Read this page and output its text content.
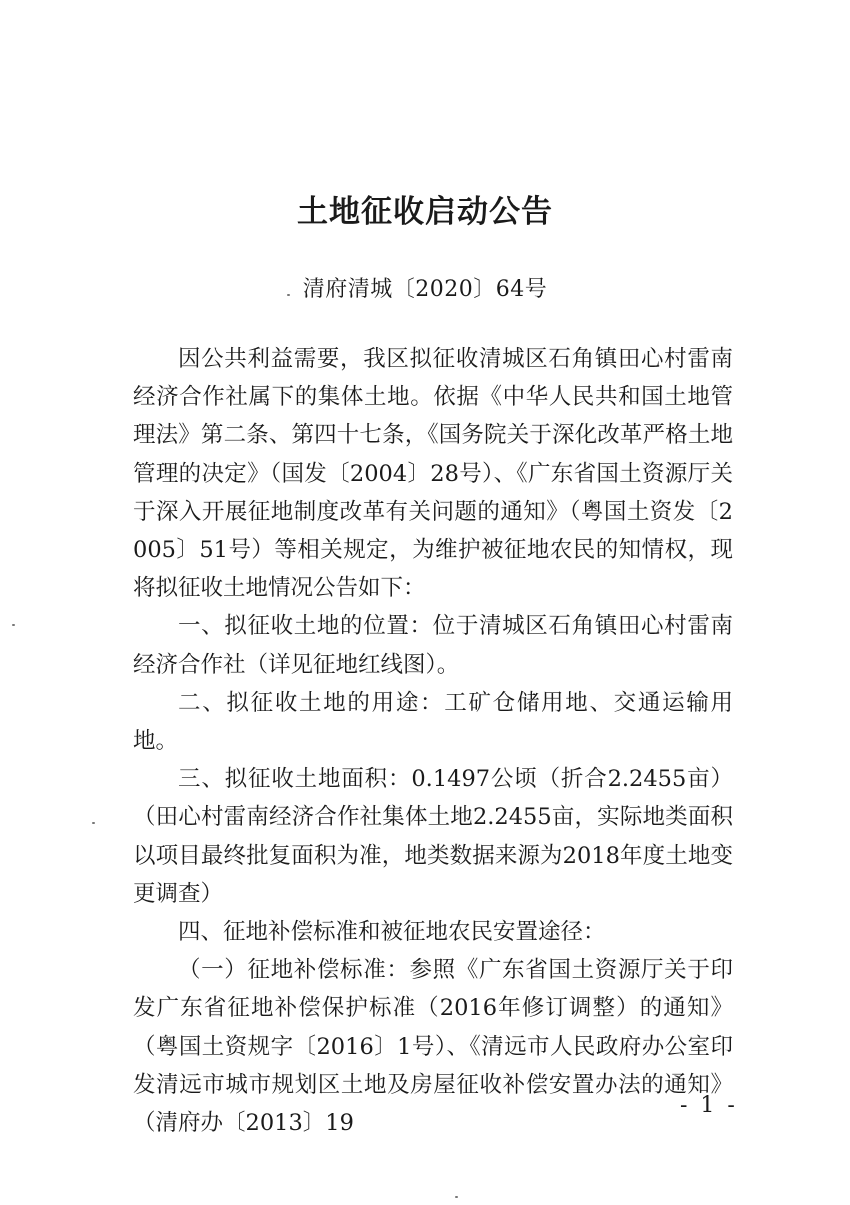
土地征收启动公告
清府清城〔2020〕64号

因公共利益需要，我区拟征收清城区石角镇田心村雷南经济合作社属下的集体土地。依据《中华人民共和国土地管理法》第二条、第四十七条，《国务院关于深化改革严格土地管理的决定》（国发〔2004〕28号）、《广东省国土资源厅关于深入开展征地制度改革有关问题的通知》（粤国土资发〔2005〕51号）等相关规定，为维护被征地农民的知情权，现将拟征收土地情况公告如下：

一、拟征收土地的位置：位于清城区石角镇田心村雷南经济合作社（详见征地红线图）。

二、拟征收土地的用途：工矿仓储用地、交通运输用地。

三、拟征收土地面积：0.1497公顷（折合2.2455亩）（田心村雷南经济合作社集体土地2.2455亩，实际地类面积以项目最终批复面积为准，地类数据来源为2018年度土地变更调查）

四、征地补偿标准和被征地农民安置途径：

（一）征地补偿标准：参照《广东省国土资源厅关于印发广东省征地补偿保护标准（2016年修订调整）的通知》（粤国土资规字〔2016〕1号）、《清远市人民政府办公室印发清远市城市规划区土地及房屋征收补偿安置办法的通知》（清府办〔2013〕19

- 1 -
